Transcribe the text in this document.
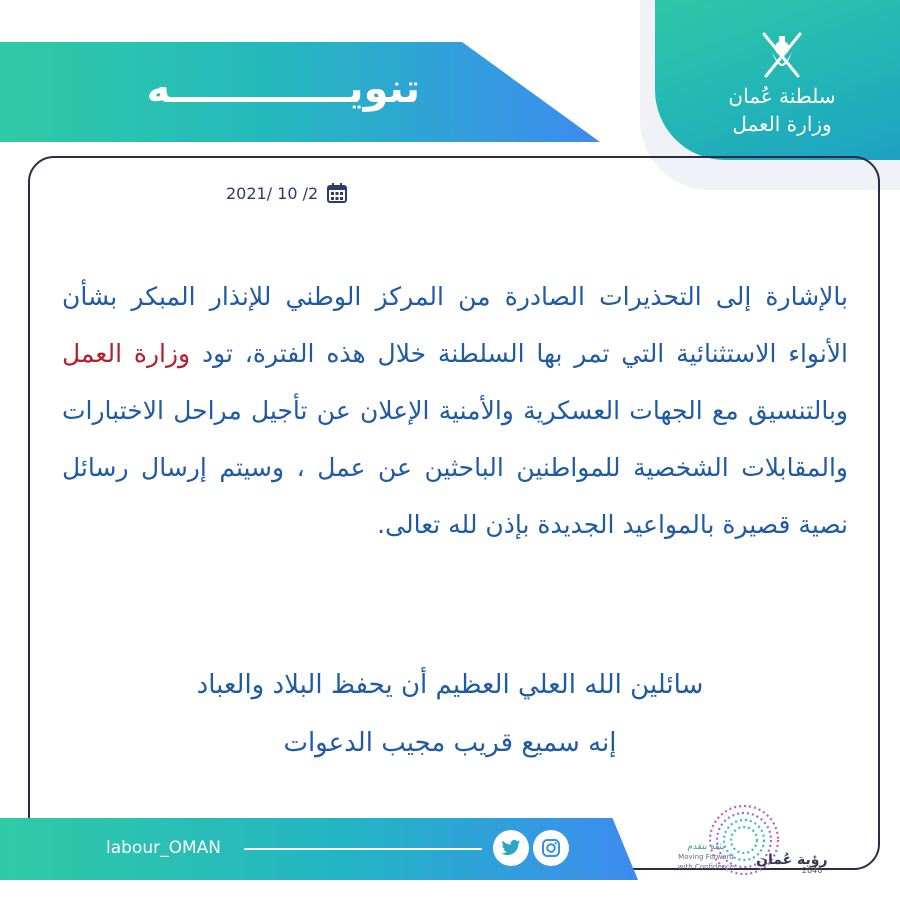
سلطنة عُمان
وزارة العمل
تنويـــــــــــــه
2021/ 10 /2

بالإشارة إلى التحذيرات الصادرة من المركز الوطني للإنذار المبكر بشأن الأنواء الاستثنائية التي تمر بها السلطنة خلال هذه الفترة، تود وزارة العمل وبالتنسيق مع الجهات العسكرية والأمنية الإعلان عن تأجيل مراحل الاختبارات والمقابلات الشخصية للمواطنين الباحثين عن عمل ، وسيتم إرسال رسائل نصية قصيرة بالمواعيد الجديدة بإذن لله تعالى.

سائلين الله العلي العظيم أن يحفظ البلاد والعباد
إنه سميع قريب مجيب الدعوات
labour_OMAN	بثقة نتقدم
Moving Forward
with Confidence رؤية عُمان
2040
